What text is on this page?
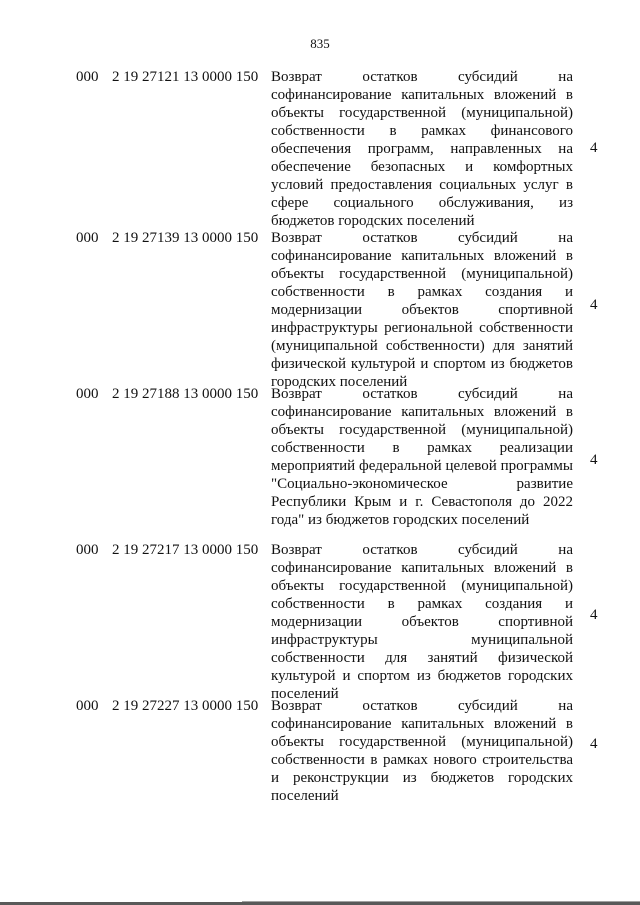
835
000 2 19 27121 13 0000 150 Возврат остатков субсидий на софинансирование капитальных вложений в объекты государственной (муниципальной) собственности в рамках финансового обеспечения программ, направленных на обеспечение безопасных и комфортных условий предоставления социальных услуг в сфере социального обслуживания, из бюджетов городских поселений
4
000 2 19 27139 13 0000 150 Возврат остатков субсидий на софинансирование капитальных вложений в объекты государственной (муниципальной) собственности в рамках создания и модернизации объектов спортивной инфраструктуры региональной собственности (муниципальной собственности) для занятий физической культурой и спортом из бюджетов городских поселений
4
000 2 19 27188 13 0000 150 Возврат остатков субсидий на софинансирование капитальных вложений в объекты государственной (муниципальной) собственности в рамках реализации мероприятий федеральной целевой программы "Социально-экономическое развитие Республики Крым и г. Севастополя до 2022 года" из бюджетов городских поселений
4
000 2 19 27217 13 0000 150 Возврат остатков субсидий на софинансирование капитальных вложений в объекты государственной (муниципальной) собственности в рамках создания и модернизации объектов спортивной инфраструктуры муниципальной собственности для занятий физической культурой и спортом из бюджетов городских поселений
4
000 2 19 27227 13 0000 150 Возврат остатков субсидий на софинансирование капитальных вложений в объекты государственной (муниципальной) собственности в рамках нового строительства и реконструкции из бюджетов городских поселений
4
